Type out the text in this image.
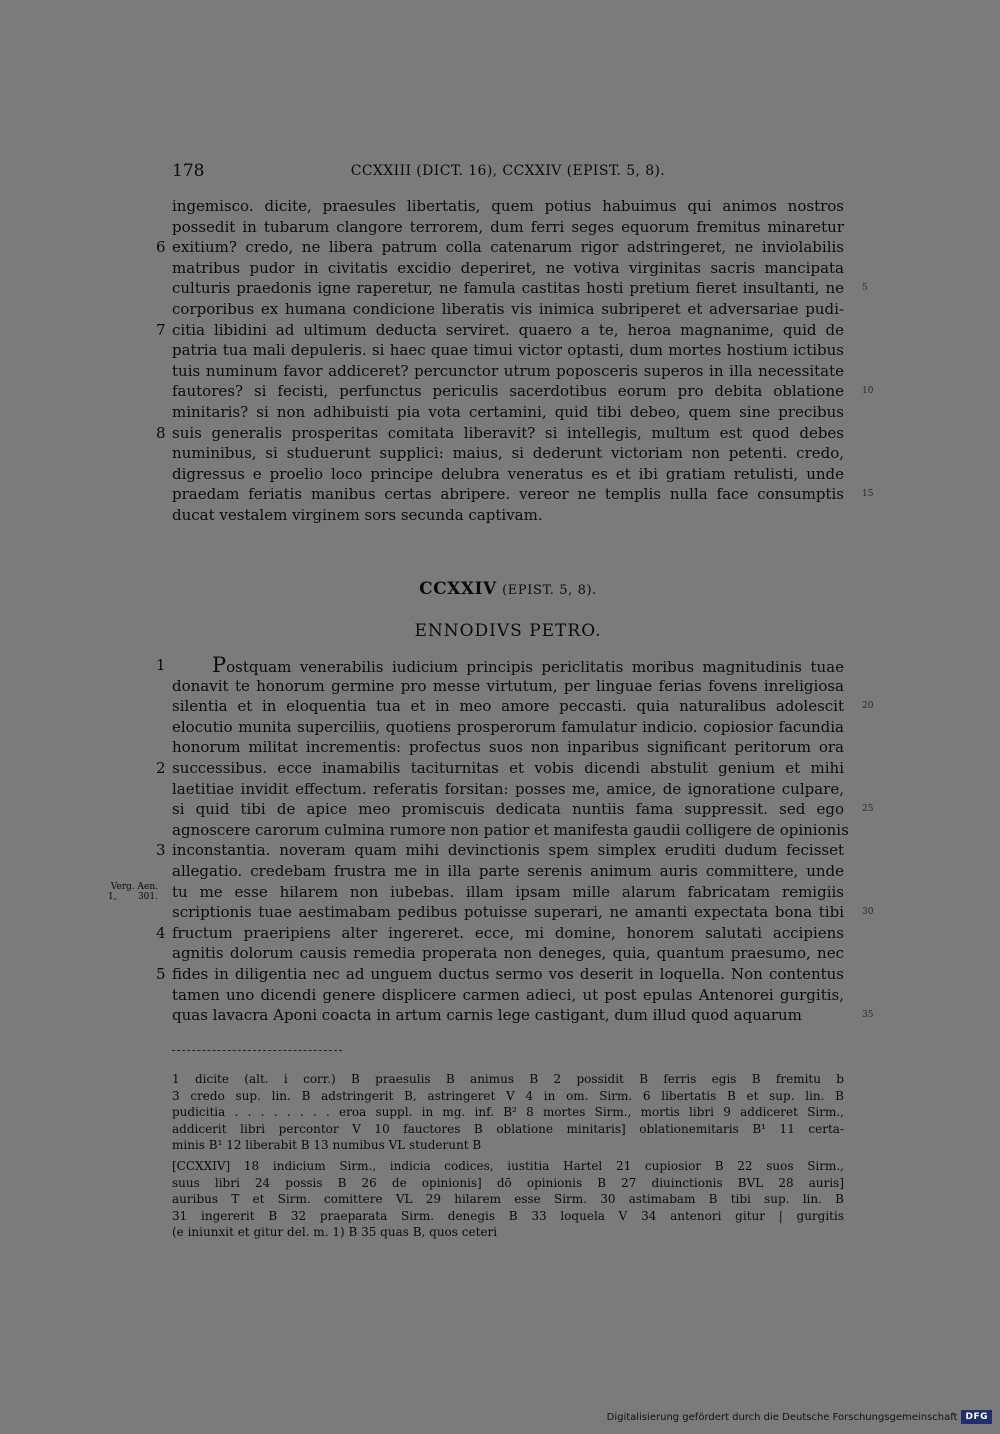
178	CCXXIII (DICT. 16), CCXXIV (EPIST. 5, 8).
ingemisco. dicite, praesules libertatis, quem potius habuimus qui animos nostros
possedit in tubarum clangore terrorem, dum ferri seges equorum fremitus minaretur
6 exitium? credo, ne libera patrum colla catenarum rigor adstringeret, ne inviolabilis
matribus pudor in civitatis excidio deperiret, ne votiva virginitas sacris mancipata
culturis praedonis igne raperetur, ne famula castitas hosti pretium fieret insultanti, ne 5
corporibus ex humana condicione liberatis vis inimica subriperet et adversariae pudi-
7 citia libidini ad ultimum deducta serviret. quaero a te, heroa magnanime, quid de
patria tua mali depuleris. si haec quae timui victor optasti, dum mortes hostium ictibus
tuis numinum favor addiceret? percunctor utrum poposceris superos in illa necessitate
fautores? si fecisti, perfunctus periculis sacerdotibus eorum pro debita oblatione 10
minitaris? si non adhibuisti pia vota certamini, quid tibi debeo, quem sine precibus
8 suis generalis prosperitas comitata liberavit? si intellegis, multum est quod debes
numinibus, si studuerunt supplici: maius, si dederunt victoriam non petenti. credo,
digressus e proelio loco principe delubra veneratus es et ibi gratiam retulisti, unde
praedam feriatis manibus certas abripere. vereor ne templis nulla face consumptis 15
ducat vestalem virginem sors secunda captivam.
CCXXIV (EPIST. 5, 8).
ENNODIVS PETRO.
1 Postquam venerabilis iudicium principis periclitatis moribus magnitudinis tuae
donavit te honorum germine pro messe virtutum, per linguae ferias fovens inreligiosa
silentia et in eloquentia tua et in meo amore peccasti. quia naturalibus adolescit 20
elocutio munita superciliis, quotiens prosperorum famulatur indicio. copiosior facundia
honorum militat incrementis: profectus suos non inparibus significant peritorum ora
2 successibus. ecce inamabilis taciturnitas et vobis dicendi abstulit genium et mihi
laetitiae invidit effectum. referatis forsitan: posses me, amice, de ignoratione culpare,
si quid tibi de apice meo promiscuis dedicata nuntiis fama suppressit. sed ego 25
agnoscere carorum culmina rumore non patior et manifesta gaudii colligere de opinionis
3 inconstantia. noveram quam mihi devinctionis spem simplex eruditi dudum fecisset
allegatio. credebam frustra me in illa parte serenis animum auris committere, unde
Verg. Aen. 1, 301. tu me esse hilarem non iubebas. illam ipsam mille alarum fabricatam remigiis
scriptionis tuae aestimabam pedibus potuisse superari, ne amanti expectata bona tibi 30
4 fructum praeripiens alter ingereret. ecce, mi domine, honorem salutati accipiens
agnitis dolorum causis remedia properata non deneges, quia, quantum praesumo, nec
5 fides in diligentia nec ad unguem ductus sermo vos deserit in loquella. Non contentus
tamen uno dicendi genere displicere carmen adieci, ut post epulas Antenorei gurgitis,
quas lavacra Aponi coacta in artum carnis lege castigant, dum illud quod aquarum	35
1 dicite (alt. i corr.) B praesulis B animus B 2 possidit B ferris egis B fremitu b
3 credo sup. lin. B adstringerit B, astringeret V 4 in om. Sirm. 6 libertatis B et sup. lin. B
pudicitia . . . . . . . . eroa suppl. in mg. inf. B² 8 mortes Sirm., mortis libri 9 addiceret Sirm.,
addicerit libri percontor V 10 fauctores B oblatione minitaris] oblationemitaris B¹ 11 certa-
minis B¹ 12 liberabit B 13 numibus VL studerunt B
[CCXXIV] 18 indicium Sirm., indicia codices, iustitia Hartel 21 cupiosior B 22 suos Sirm.,
suus libri 24 possis B 26 de opinionis] dō opinionis B 27 diuinctionis BVL 28 auris]
auribus T et Sirm. comittere VL 29 hilarem esse Sirm. 30 astimabam B tibi sup. lin. B
31 ingererit B 32 praeparata Sirm. denegis B 33 loquela V 34 antenori gitur | gurgitis
(e iniunxit et gitur del. m. 1) B 35 quas B, quos ceteri
Digitalisierung gefördert durch die Deutsche Forschungsgemeinschaft DFG
